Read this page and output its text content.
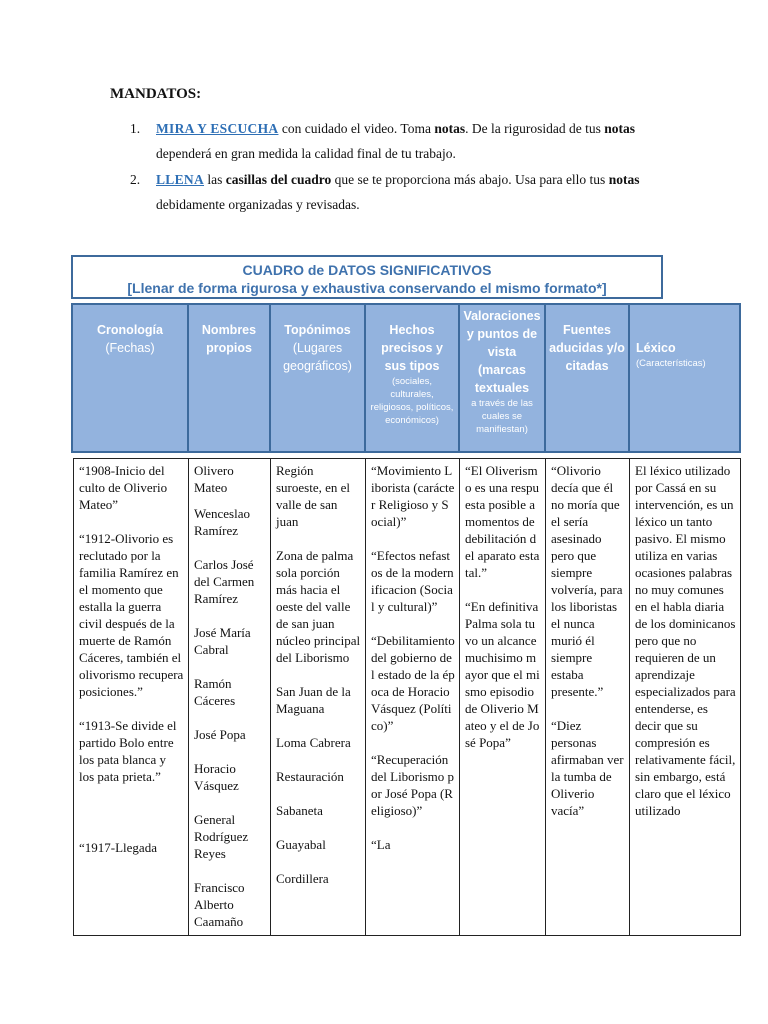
MANDATOS:
1. MIRA Y ESCUCHA con cuidado el video. Toma notas. De la rigurosidad de tus notas dependerá en gran medida la calidad final de tu trabajo.
2. LLENA las casillas del cuadro que se te proporciona más abajo. Usa para ello tus notas debidamente organizadas y revisadas.
CUADRO de DATOS SIGNIFICATIVOS
[Llenar de forma rigurosa y exhaustiva conservando el mismo formato*]
Cronología
(Fechas)
Nombres propios
Topónimos
(Lugares geográficos)
Hechos precisos y sus tipos
(sociales, culturales, religiosos, políticos, económicos)
Valoraciones y puntos de vista
(marcas textuales
a través de las cuales se manifiestan)
Fuentes aducidas y/o citadas
Léxico
(Características)

“1908-Inicio del culto de Oliverio Mateo”

“1912-Olivorio es reclutado por la familia Ramírez en el momento que estalla la guerra civil después de la muerte de Ramón Cáceres, también el olivorismo recupera posiciones.”

“1913-Se divide el partido Bolo entre los pata blanca y los pata prieta.”

“1917-Llegada

Olivero Mateo

Wenceslao Ramírez

Carlos José del Carmen Ramírez

José María Cabral

Ramón Cáceres

José Popa

Horacio Vásquez

General Rodríguez Reyes

Francisco Alberto Caamaño

Región suroeste, en el valle de san juan

Zona de palma sola porción más hacia el oeste del valle de san juan núcleo principal del Liborismo

San Juan de la Maguana

Loma Cabrera

Restauración

Sabaneta

Guayabal

Cordillera

“Movimiento Liborista (carácter Religioso y Social)”

“Efectos nefastos de la modernificacion (Social y cultural)”

“Debilitamiento del gobierno del estado de la época de Horacio Vásquez (Político)”

“Recuperación del Liborismo por José Popa (Religioso)”

“La

“El Oliverismo es una respuesta posible a momentos de debilitación del aparato estatal.”

“En definitiva Palma sola tuvo un alcance muchisimo mayor que el mismo episodio de Oliverio Mateo y el de José Popa”

“Olivorio decía que él no moría que el sería asesinado pero que siempre volvería, para los liboristas el nunca murió él siempre estaba presente.”

“Diez personas afirmaban ver la tumba de Oliverio vacía”

El léxico utilizado por Cassá en su intervención, es un léxico un tanto pasivo. El mismo utiliza en varias ocasiones palabras no muy comunes en el habla diaria de los dominicanos pero que no requieren de un aprendizaje especializados para entenderse, es decir que su compresión es relativamente fácil, sin embargo, está claro que el léxico utilizado
